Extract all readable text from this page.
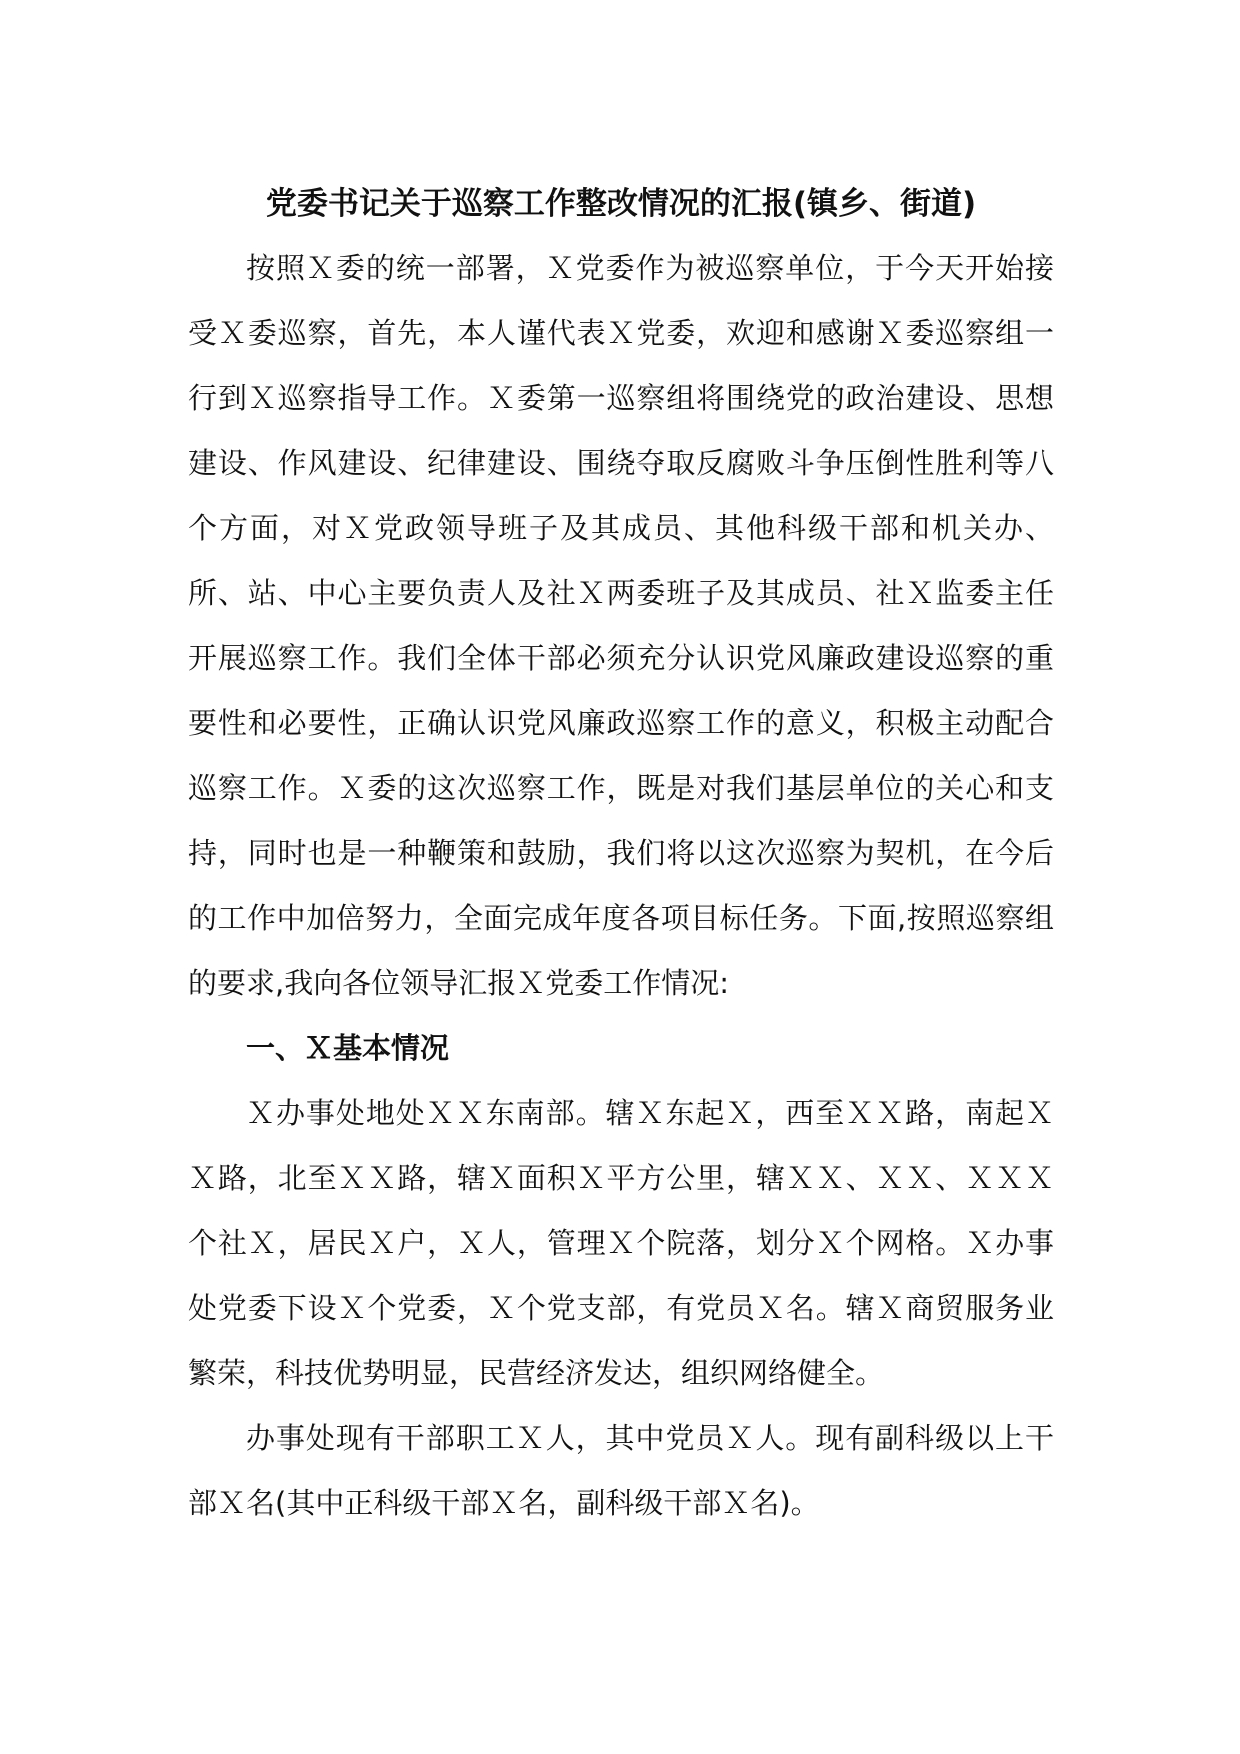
党委书记关于巡察工作整改情况的汇报(镇乡、街道)

按照Ｘ委的统一部署，Ｘ党委作为被巡察单位，于今天开始接受Ｘ委巡察，首先，本人谨代表Ｘ党委，欢迎和感谢Ｘ委巡察组一行到Ｘ巡察指导工作。Ｘ委第一巡察组将围绕党的政治建设、思想建设、作风建设、纪律建设、围绕夺取反腐败斗争压倒性胜利等八个方面，对Ｘ党政领导班子及其成员、其他科级干部和机关办、所、站、中心主要负责人及社Ｘ两委班子及其成员、社Ｘ监委主任开展巡察工作。我们全体干部必须充分认识党风廉政建设巡察的重要性和必要性，正确认识党风廉政巡察工作的意义，积极主动配合巡察工作。Ｘ委的这次巡察工作，既是对我们基层单位的关心和支持，同时也是一种鞭策和鼓励，我们将以这次巡察为契机，在今后的工作中加倍努力，全面完成年度各项目标任务。下面,按照巡察组的要求,我向各位领导汇报Ｘ党委工作情况:

一、Ｘ基本情况

Ｘ办事处地处ＸＸ东南部。辖Ｘ东起Ｘ，西至ＸＸ路，南起ＸＸ路，北至ＸＸ路，辖Ｘ面积Ｘ平方公里，辖ＸＸ、ＸＸ、ＸＸＸ个社Ｘ，居民Ｘ户，Ｘ人，管理Ｘ个院落，划分Ｘ个网格。Ｘ办事处党委下设Ｘ个党委，Ｘ个党支部，有党员Ｘ名。辖Ｘ商贸服务业繁荣，科技优势明显，民营经济发达，组织网络健全。

办事处现有干部职工Ｘ人，其中党员Ｘ人。现有副科级以上干部Ｘ名(其中正科级干部Ｘ名，副科级干部Ｘ名)。
